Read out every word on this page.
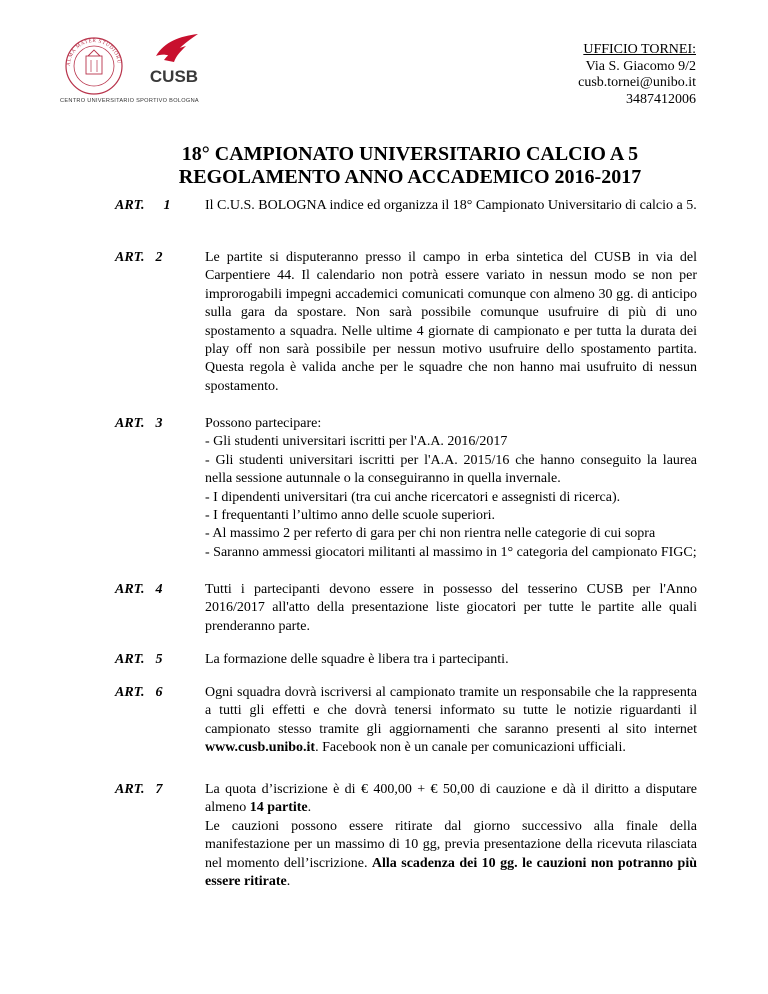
ALMA MATER STUDIORU
CUSB
CENTRO UNIVERSITARIO SPORTIVO BOLOGNA
UFFICIO TORNEI:
Via S. Giacomo 9/2
cusb.tornei@unibo.it
3487412006
18° CAMPIONATO UNIVERSITARIO CALCIO A 5
REGOLAMENTO ANNO ACCADEMICO 2016-2017
ART. 1 Il C.U.S. BOLOGNA indice ed organizza il 18° Campionato Universitario di calcio a 5.
ART. 2	Le partite si disputeranno presso il campo in erba sintetica del CUSB in via del Carpentiere 44. Il calendario non potrà essere variato in nessun modo se non per improrogabili impegni accademici comunicati comunque con almeno 30 gg. di anticipo sulla gara da spostare. Non sarà possibile comunque usufruire di più di uno spostamento a squadra. Nelle ultime 4 giornate di campionato e per tutta la durata dei play off non sarà possibile per nessun motivo usufruire dello spostamento partita. Questa regola è valida anche per le squadre che non hanno mai usufruito di nessun spostamento.
ART. 3	Possono partecipare:

- Gli studenti universitari iscritti per l'A.A. 2016/2017

- Gli studenti universitari iscritti per l'A.A. 2015/16 che hanno conseguito la laurea nella sessione autunnale o la conseguiranno in quella invernale.

- I dipendenti universitari (tra cui anche ricercatori e assegnisti di ricerca).

- I frequentanti l’ultimo anno delle scuole superiori.

- Al massimo 2 per referto di gara per chi non rientra nelle categorie di cui sopra

- Saranno ammessi giocatori militanti al massimo in 1° categoria del campionato FIGC;

ART. 4	Tutti i partecipanti devono essere in possesso del tesserino CUSB per l'Anno 2016/2017 all'atto della presentazione liste giocatori per tutte le partite alle quali prenderanno parte.
ART. 5	La formazione delle squadre è libera tra i partecipanti.
ART. 6	Ogni squadra dovrà iscriversi al campionato tramite un responsabile che la rappresenta a tutti gli effetti e che dovrà tenersi informato su tutte le notizie riguardanti il campionato stesso tramite gli aggiornamenti che saranno presenti al sito internet www.cusb.unibo.it. Facebook non è un canale per comunicazioni ufficiali.
ART. 7	La quota d’iscrizione è di € 400,00 + € 50,00 di cauzione e dà il diritto a disputare almeno 14 partite.

Le cauzioni possono essere ritirate dal giorno successivo alla finale della manifestazione per un massimo di 10 gg, previa presentazione della ricevuta rilasciata nel momento dell’iscrizione. Alla scadenza dei 10 gg. le cauzioni non potranno più essere ritirate.
